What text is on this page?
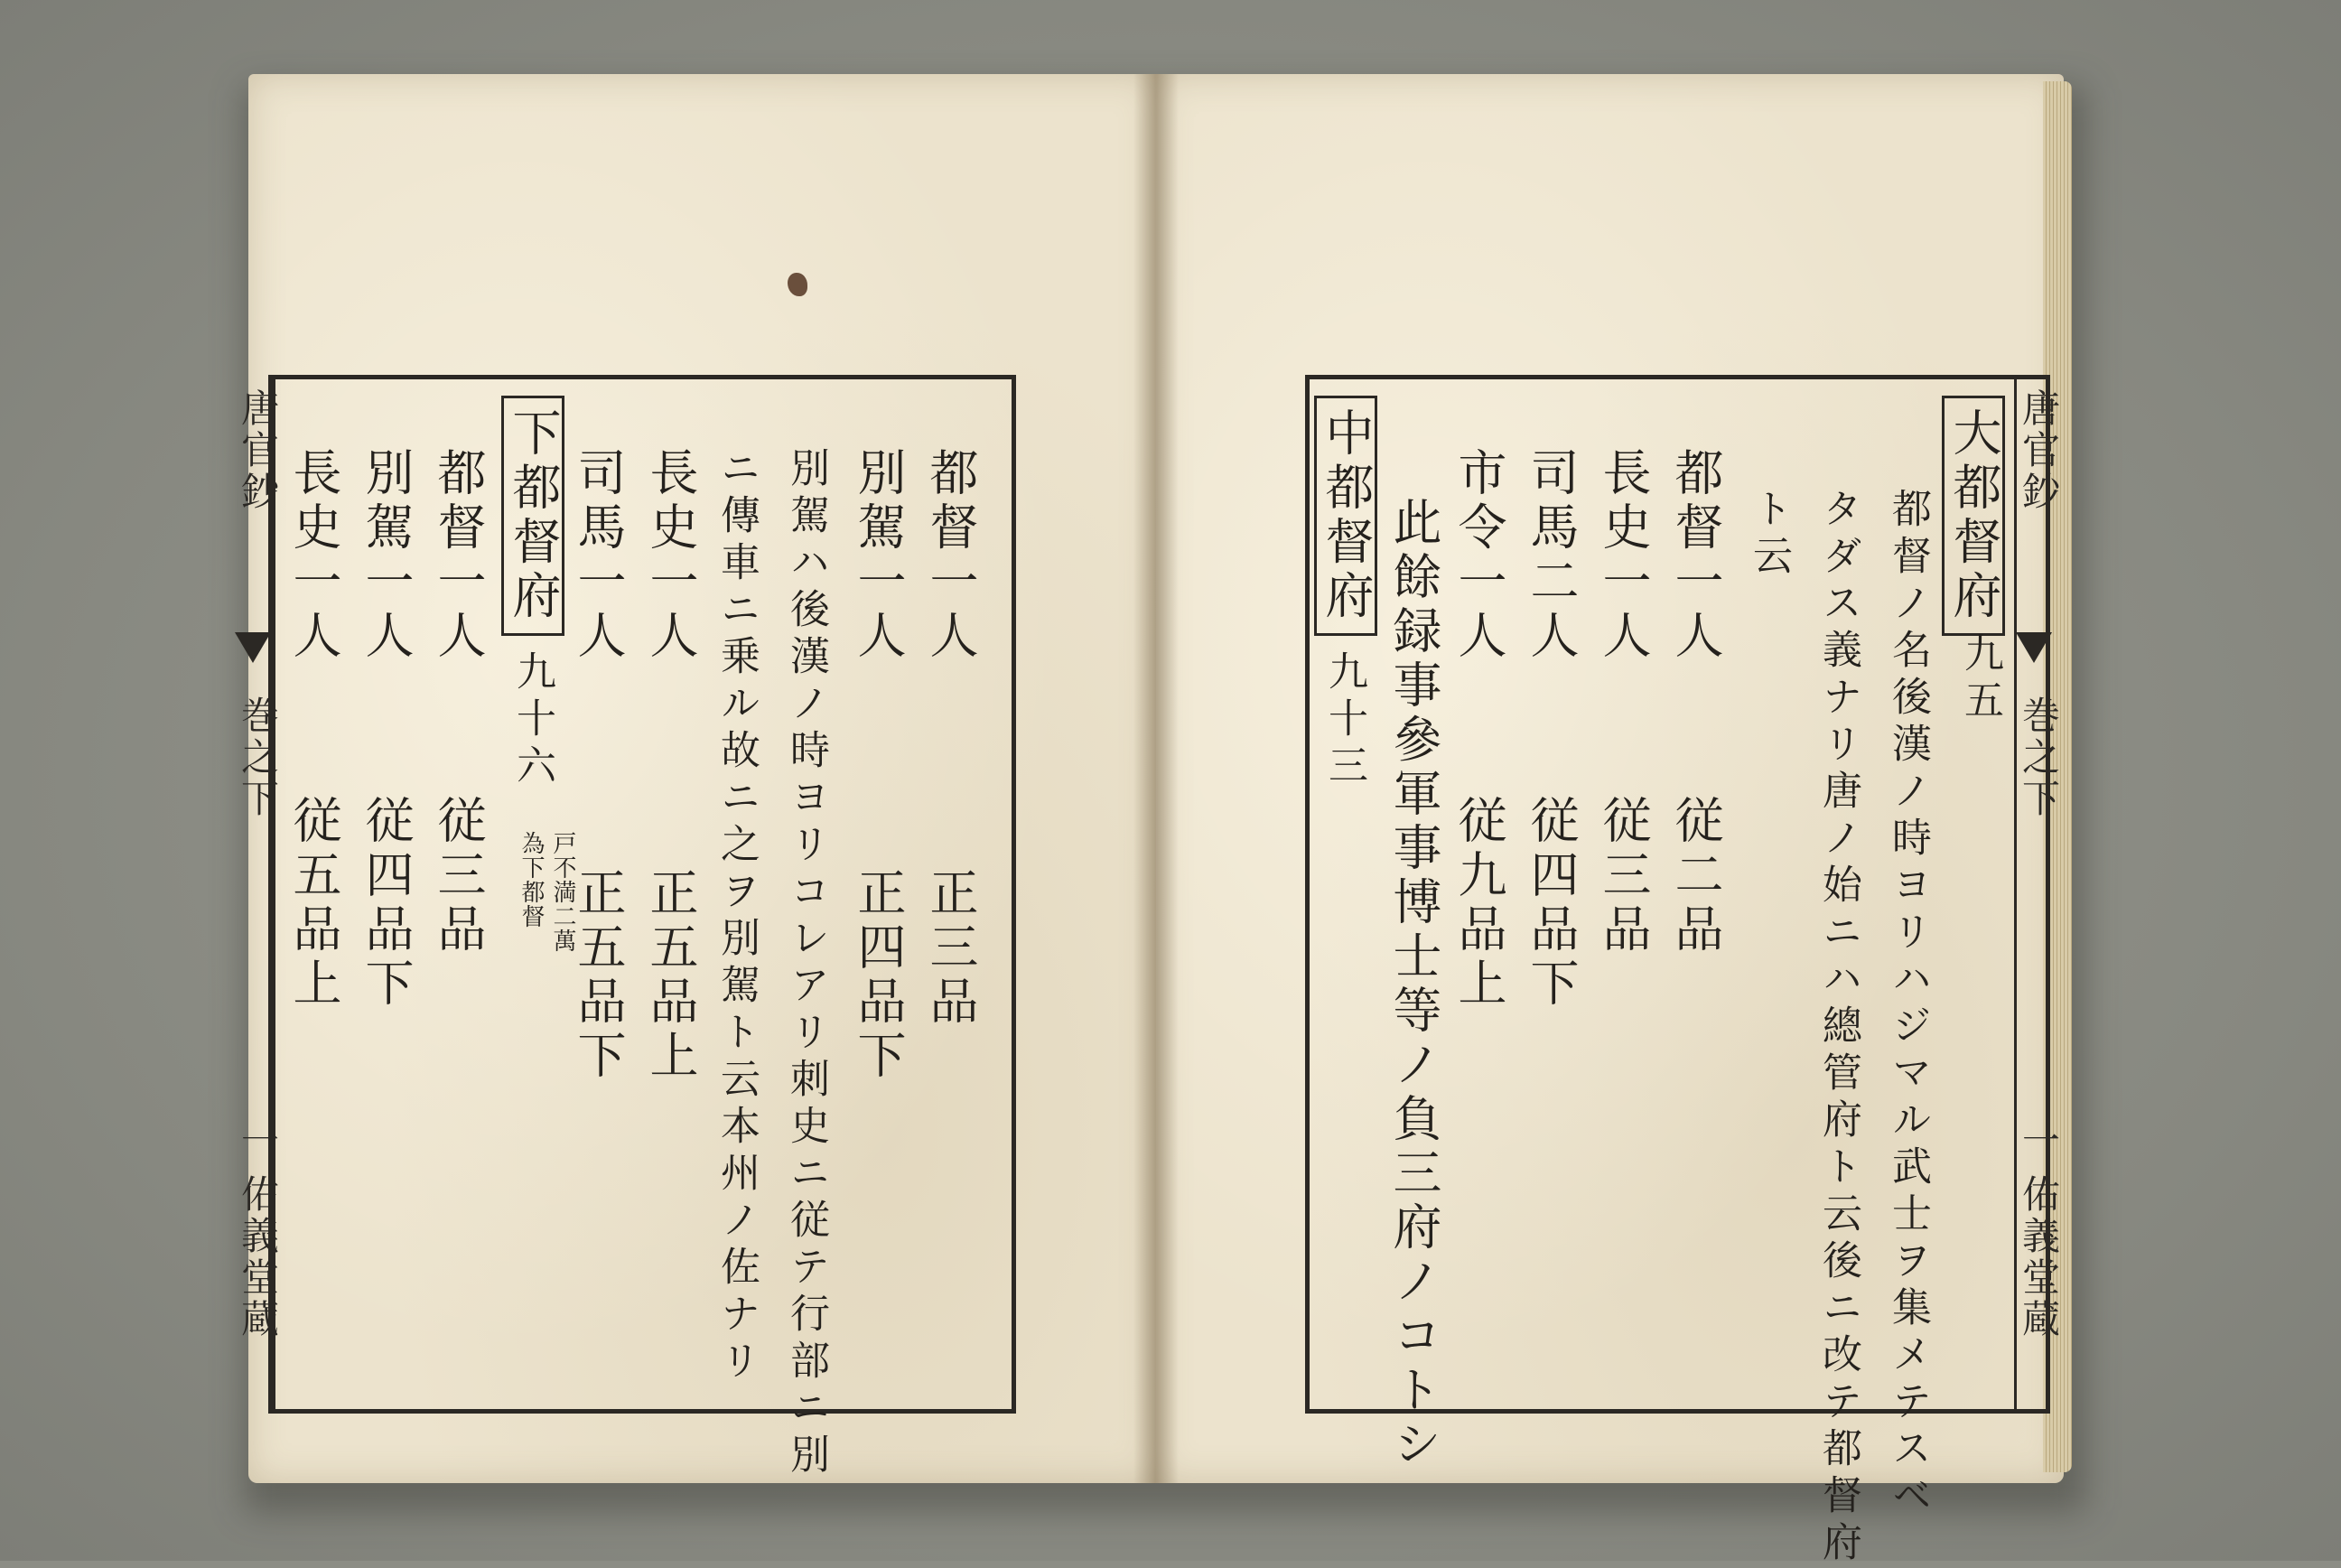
唐官鈔
巻之下
一
佑義堂蔵
都督一人
正三品
別駕一人
正四品下
別駕ハ後漢ノ時ヨリコレアリ刺史ニ従テ行部ニ別
ニ傳車ニ乗ル故ニ之ヲ別駕ト云本州ノ佐ナリ
長史一人
正五品上
司馬一人
正五品下
下都督府
九十六
戸不満二萬
為下都督
都督一人
従三品
別駕一人
従四品下
長史一人
従五品上
唐官鈔
巻之下
一
佑義堂蔵
大都督府
九五
都督ノ名後漢ノ時ヨリハジマル武士ヲ集メテスベ
タダス義ナリ唐ノ始ニハ總管府ト云後ニ改テ都督府
ト云
都督一人
従二品
長史一人
従三品
司馬二人
従四品下
市令一人
従九品上
此餘録事參軍事博士等ノ負三府ノコトシ
中都督府
九十三
